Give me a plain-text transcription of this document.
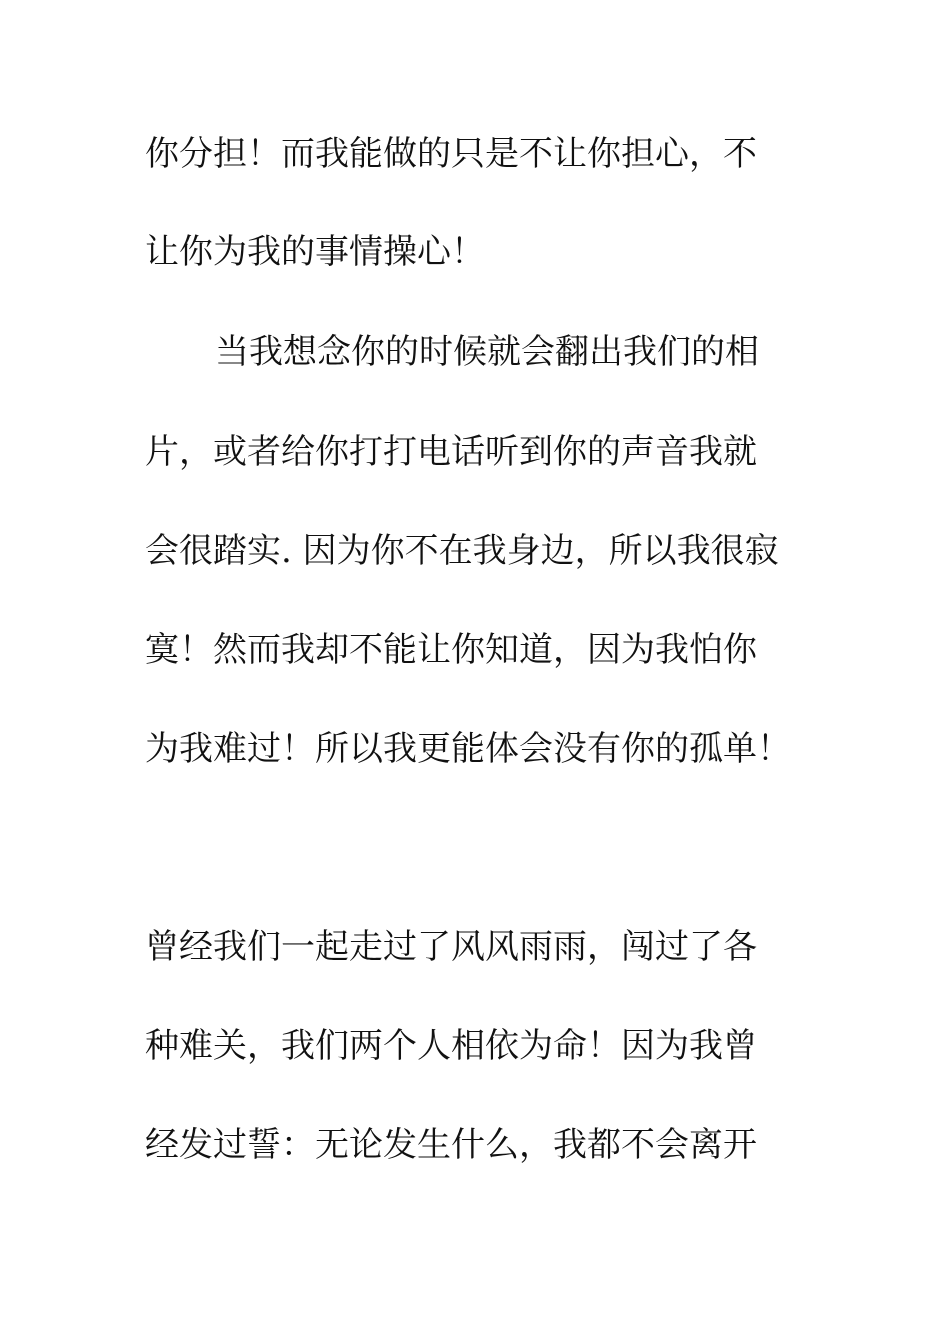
你分担！而我能做的只是不让你担心，不
让你为我的事情操心！
当我想念你的时候就会翻出我们的相
片，或者给你打打电话听到你的声音我就
会很踏实. 因为你不在我身边，所以我很寂
寞！然而我却不能让你知道，因为我怕你
为我难过！所以我更能体会没有你的孤单！
曾经我们一起走过了风风雨雨，闯过了各
种难关，我们两个人相依为命！因为我曾
经发过誓：无论发生什么，我都不会离开
